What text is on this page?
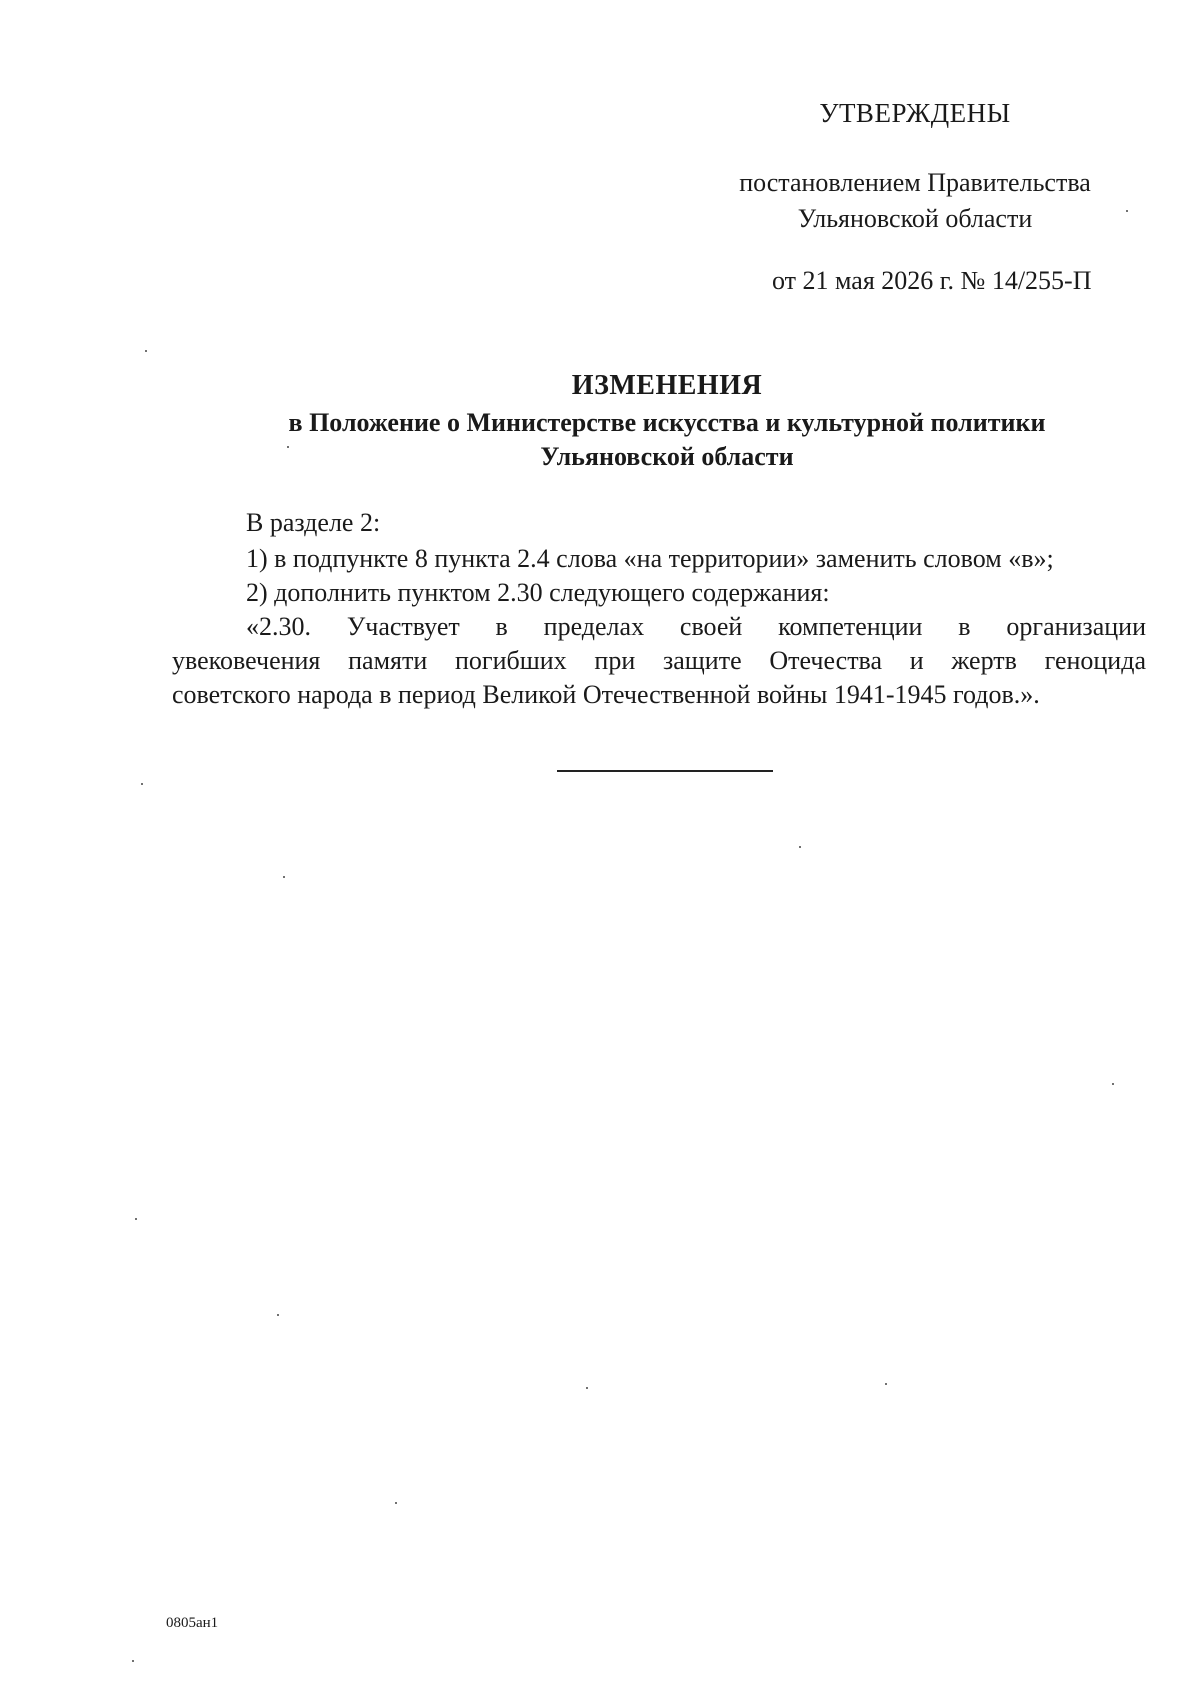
УТВЕРЖДЕНЫ
постановлением Правительства
Ульяновской области
от 21 мая 2026 г. № 14/255-П
ИЗМЕНЕНИЯ
в Положение о Министерстве искусства и культурной политики
Ульяновской области
В разделе 2:
1) в подпункте 8 пункта 2.4 слова «на территории» заменить словом «в»;
2) дополнить пунктом 2.30 следующего содержания:
«2.30. Участвует в пределах своей компетенции в организации
увековечения памяти погибших при защите Отечества и жертв геноцида
советского народа в период Великой Отечественной войны 1941-1945 годов.».
0805ан1
